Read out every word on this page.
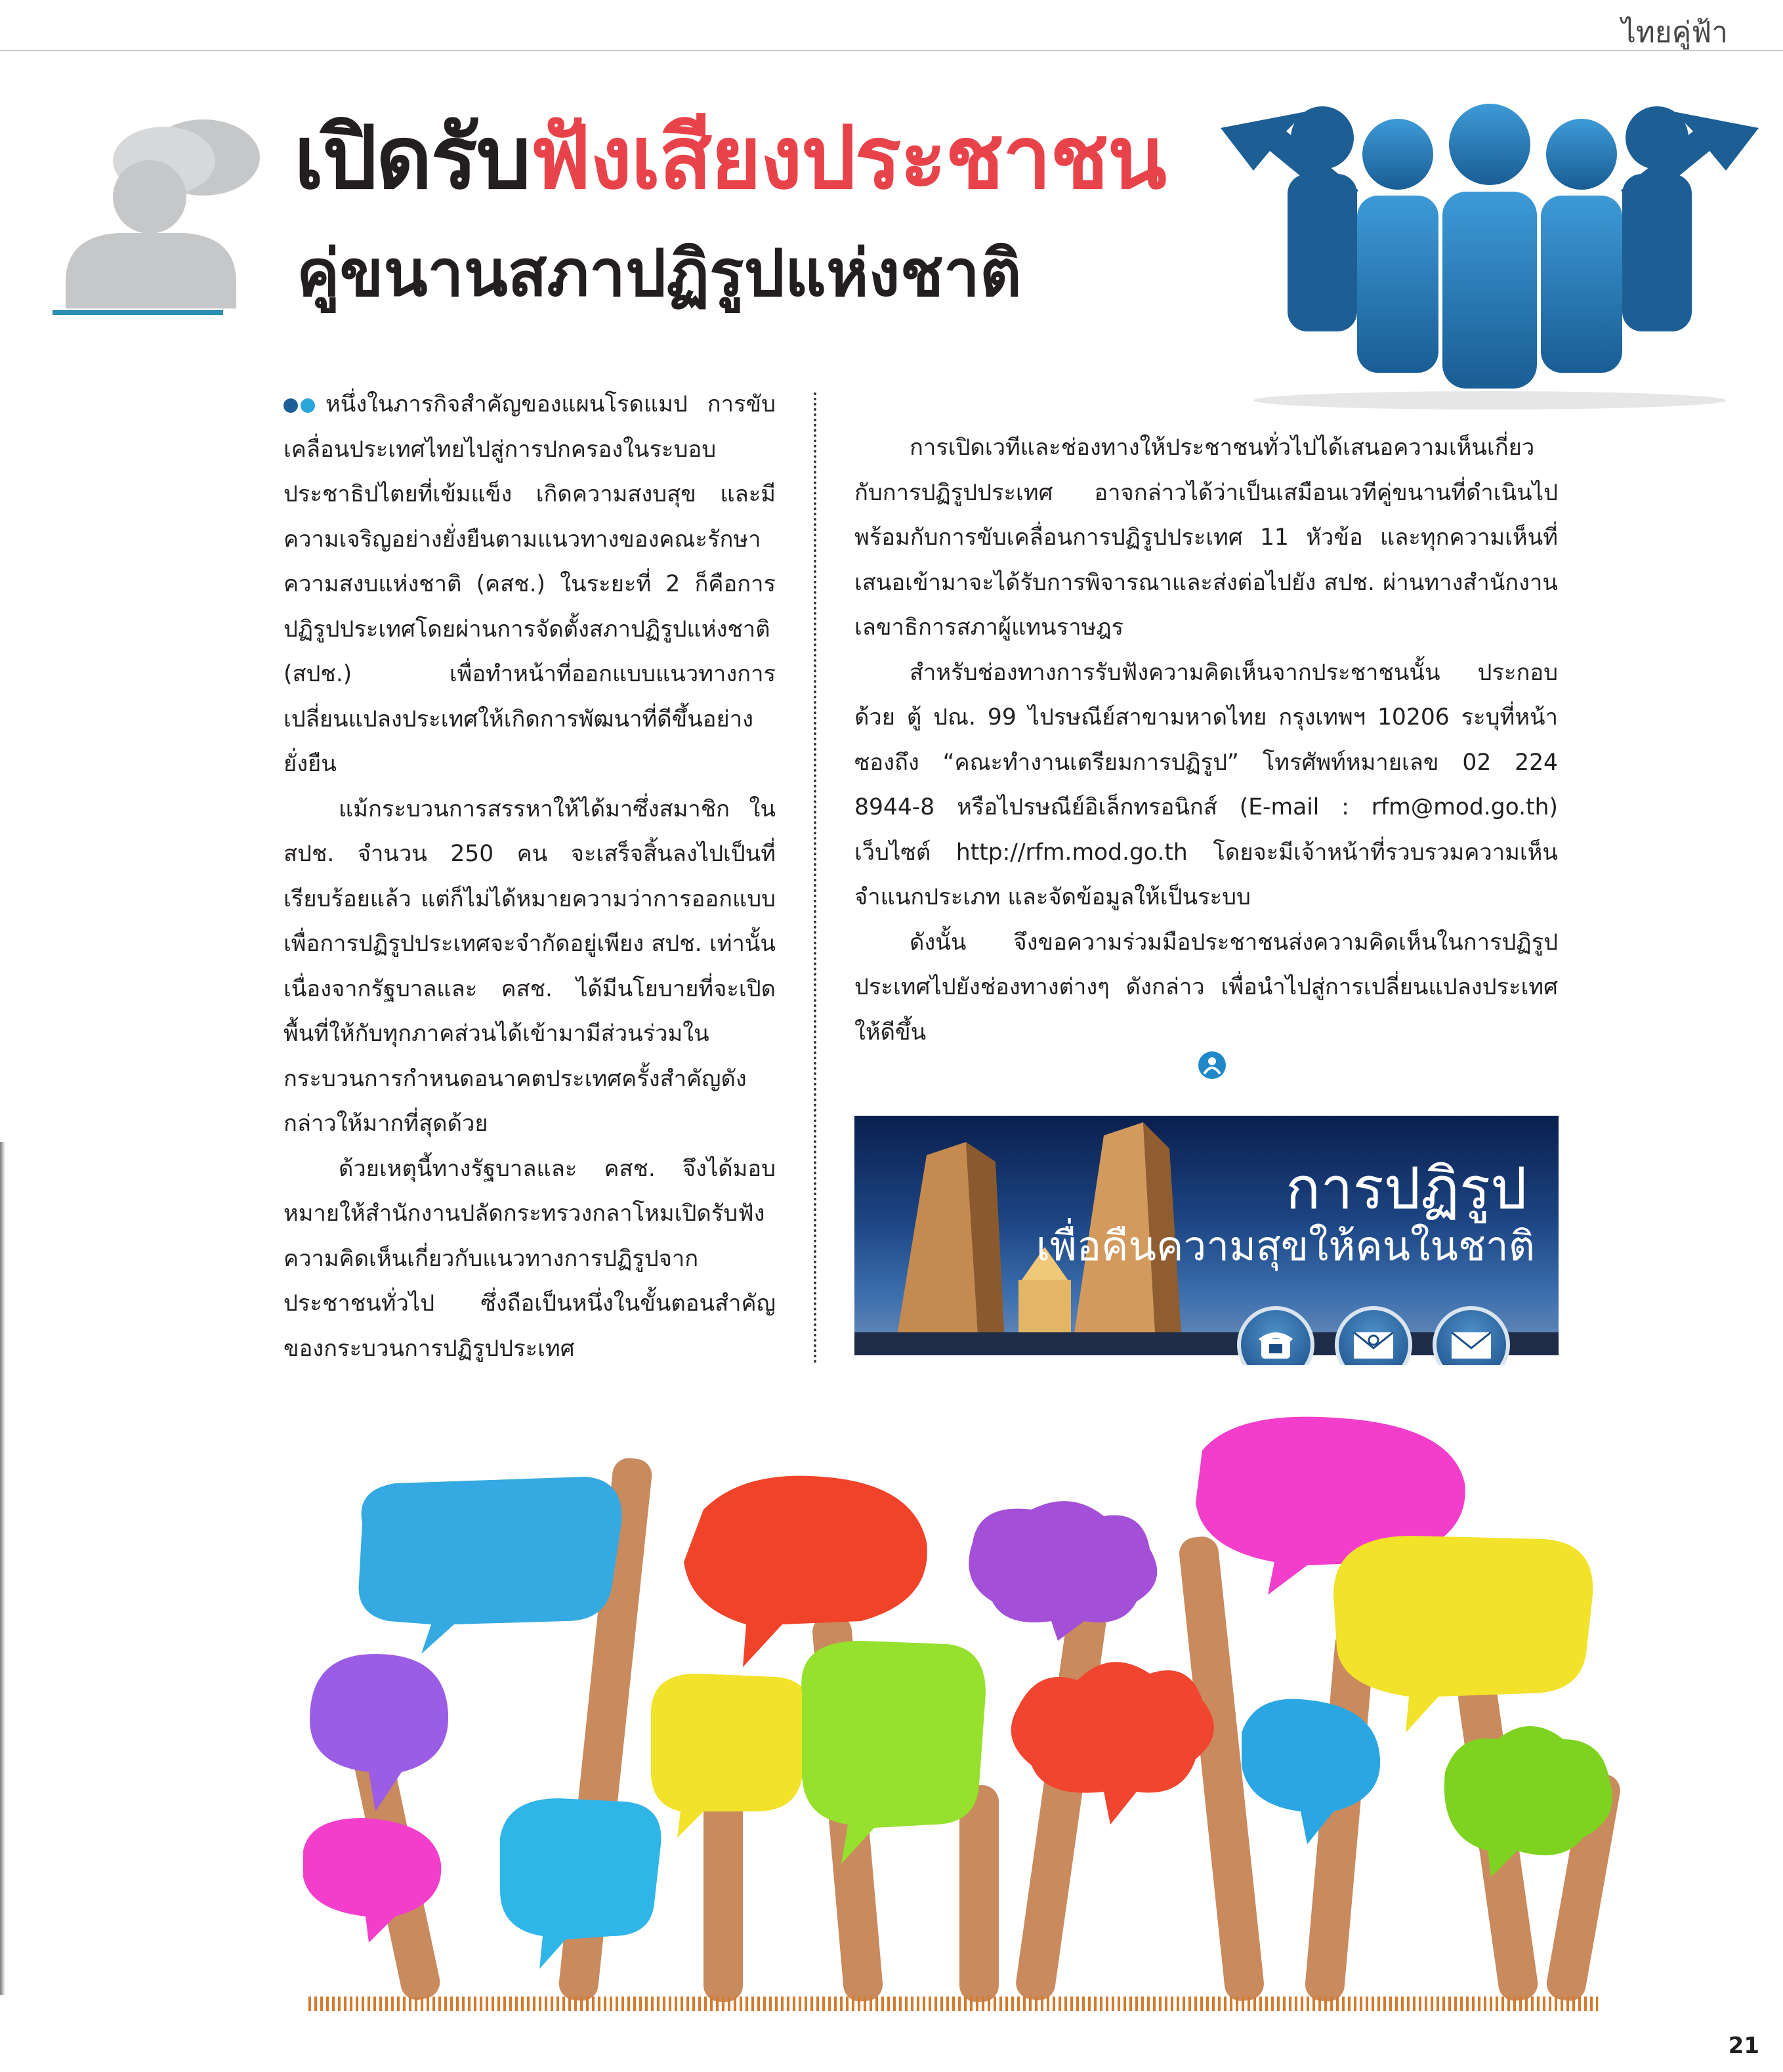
ไทยคู่ฟ้า
เปิดรับฟังเสียงประชาชน
คู่ขนานสภาปฏิรูปแห่งชาติ

หนึ่งในภารกิจสำคัญของแผนโรดแมป การขับเคลื่อนประเทศไทยไปสู่การปกครองในระบอบประชาธิปไตยที่เข้มแข็ง เกิดความสงบสุข และมีความเจริญอย่างยั่งยืนตามแนวทางของคณะรักษาความสงบแห่งชาติ (คสช.) ในระยะที่ 2 ก็คือการปฏิรูปประเทศโดยผ่านการจัดตั้งสภาปฏิรูปแห่งชาติ (สปช.) เพื่อทำหน้าที่ออกแบบแนวทางการเปลี่ยนแปลงประเทศให้เกิดการพัฒนาที่ดีขึ้นอย่างยั่งยืน

แม้กระบวนการสรรหาให้ได้มาซึ่งสมาชิก ใน สปช. จำนวน 250 คน จะเสร็จสิ้นลงไปเป็นที่เรียบร้อยแล้ว แต่ก็ไม่ได้หมายความว่าการออกแบบเพื่อการปฏิรูปประเทศจะจำกัดอยู่เพียง สปช. เท่านั้น เนื่องจากรัฐบาลและ คสช. ได้มีนโยบายที่จะเปิดพื้นที่ให้กับทุกภาคส่วนได้เข้ามามีส่วนร่วมในกระบวนการกำหนดอนาคตประเทศครั้งสำคัญดังกล่าวให้มากที่สุดด้วย

ด้วยเหตุนี้ทางรัฐบาลและ คสช. จึงได้มอบหมายให้สำนักงานปลัดกระทรวงกลาโหมเปิดรับฟังความคิดเห็นเกี่ยวกับแนวทางการปฏิรูปจากประชาชนทั่วไป ซึ่งถือเป็นหนึ่งในขั้นตอนสำคัญของกระบวนการปฏิรูปประเทศ

การเปิดเวทีและช่องทางให้ประชาชนทั่วไปได้เสนอความเห็นเกี่ยวกับการปฏิรูปประเทศ อาจกล่าวได้ว่าเป็นเสมือนเวทีคู่ขนานที่ดำเนินไปพร้อมกับการขับเคลื่อนการปฏิรูปประเทศ 11 หัวข้อ และทุกความเห็นที่เสนอเข้ามาจะได้รับการพิจารณาและส่งต่อไปยัง สปช. ผ่านทางสำนักงานเลขาธิการสภาผู้แทนราษฎร

สำหรับช่องทางการรับฟังความคิดเห็นจากประชาชนนั้น ประกอบด้วย ตู้ ปณ. 99 ไปรษณีย์สาขามหาดไทย กรุงเทพฯ 10206 ระบุที่หน้าซองถึง “คณะทำงานเตรียมการปฏิรูป” โทรศัพท์หมายเลข 02 224 8944-8 หรือไปรษณีย์อิเล็กทรอนิกส์ (E-mail : rfm@mod.go.th) เว็บไซต์ http://rfm.mod.go.th โดยจะมีเจ้าหน้าที่รวบรวมความเห็น จำแนกประเภท และจัดข้อมูลให้เป็นระบบ

ดังนั้น จึงขอความร่วมมือประชาชนส่งความคิดเห็นในการปฏิรูปประเทศไปยังช่องทางต่างๆ ดังกล่าว เพื่อนำไปสู่การเปลี่ยนแปลงประเทศให้ดีขึ้น

การปฏิรูป
เพื่อคืนความสุขให้คนในชาติ
21
